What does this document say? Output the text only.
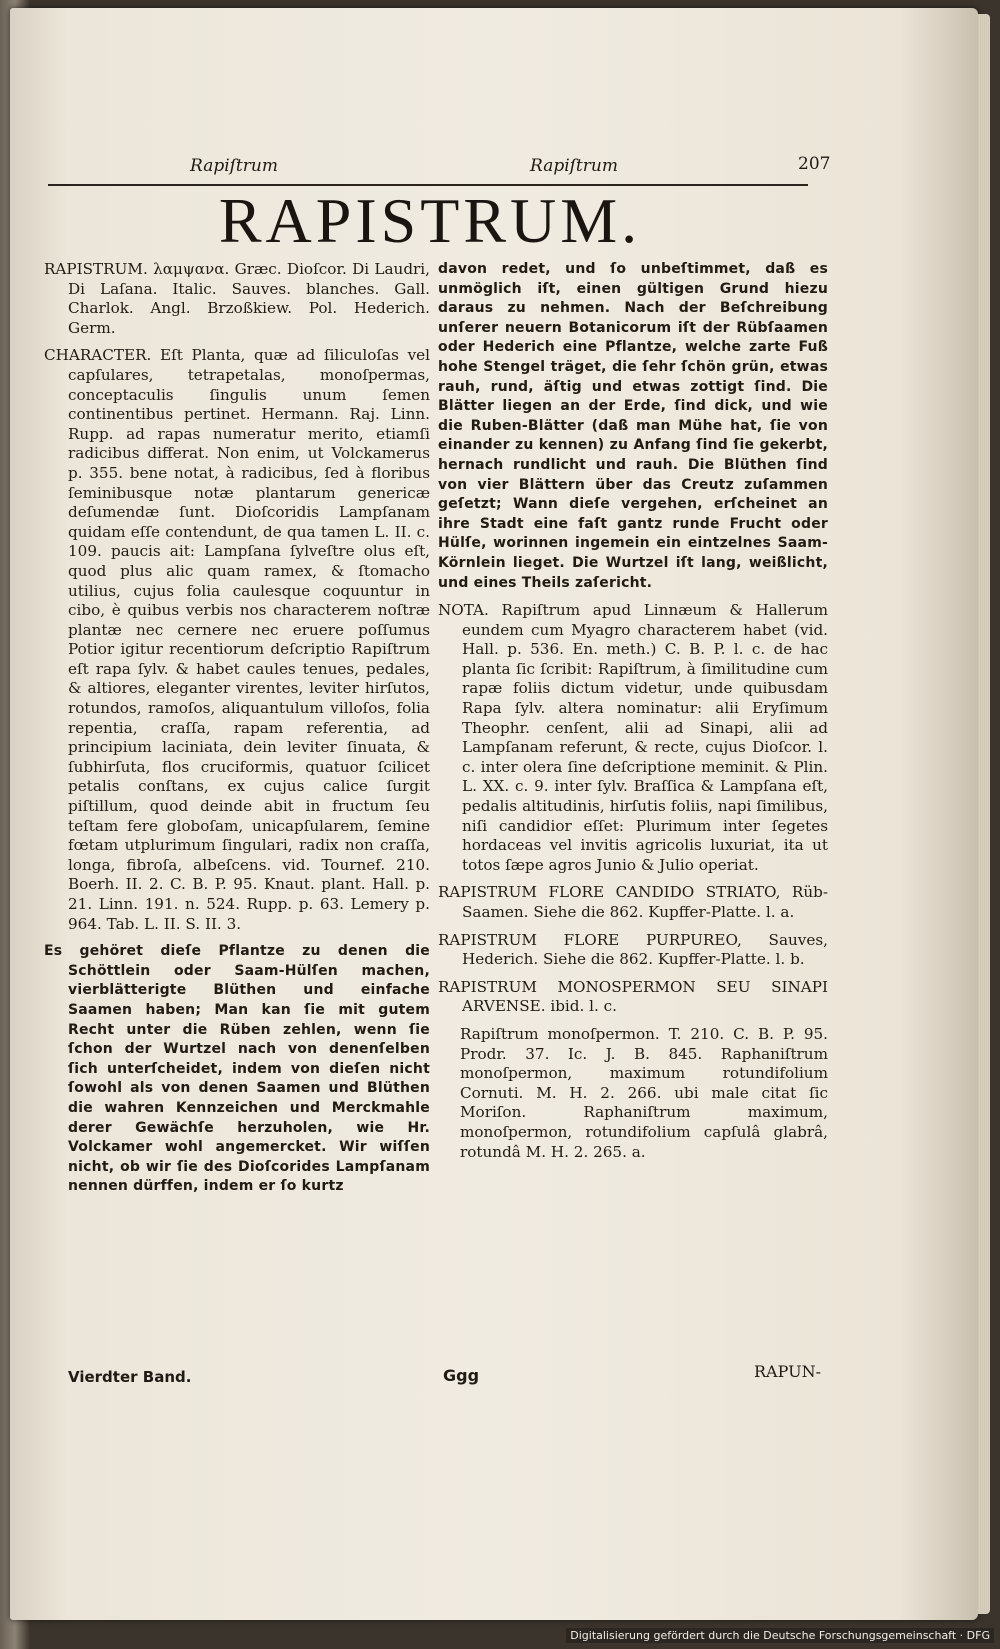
Rapiſtrum	Rapiſtrum	207
RAPISTRUM.

RAPISTRUM. λαμψανα. Græc. Dioſcor. Di Laudri, Di Laſana. Italic. Sauves. blanches. Gall. Charlok. Angl. Brzoßkiew. Pol. Hederich. Germ.

CHARACTER. Eſt Planta, quæ ad ſiliculoſas vel capſulares, tetrapetalas, monoſpermas, conceptaculis ſingulis unum ſemen continentibus pertinet. Hermann. Raj. Linn. Rupp. ad rapas numeratur merito, etiamſi radicibus differat. Non enim, ut Volckamerus p. 355. bene notat, à radicibus, ſed à floribus ſeminibusque notæ plantarum genericæ deſumendæ ſunt. Dioſcoridis Lampſanam quidam eſſe contendunt, de qua tamen L. II. c. 109. paucis ait: Lampſana ſylveſtre olus eſt, quod plus alic quam ramex, & ſtomacho utilius, cujus folia caulesque coquuntur in cibo, è quibus verbis nos characterem noſtræ plantæ nec cernere nec eruere poſſumus Potior igitur recentiorum deſcriptio Rapiſtrum eſt rapa ſylv. & habet caules tenues, pedales, & altiores, eleganter virentes, leviter hirſutos, rotundos, ramoſos, aliquantulum villoſos, folia repentia, craſſa, rapam referentia, ad principium laciniata, dein leviter ſinuata, & ſubhirſuta, flos cruciformis, quatuor ſcilicet petalis conſtans, ex cujus calice ſurgit piſtillum, quod deinde abit in fructum ſeu teſtam fere globoſam, unicapſularem, ſemine fœtam utplurimum ſingulari, radix non craſſa, longa, fibroſa, albeſcens. vid. Tournef. 210. Boerh. II. 2. C. B. P. 95. Knaut. plant. Hall. p. 21. Linn. 191. n. 524. Rupp. p. 63. Lemery p. 964. Tab. L. II. S. II. 3.

Es gehöret dieſe Pflantze zu denen die Schöttlein oder Saam-Hülſen machen, vierblätterigte Blüthen und einfache Saamen haben; Man kan ſie mit gutem Recht unter die Rüben zehlen, wenn ſie ſchon der Wurtzel nach von denenſelben ſich unterſcheidet, indem von dieſen nicht ſowohl als von denen Saamen und Blüthen die wahren Kennzeichen und Merckmahle derer Gewächſe herzuholen, wie Hr. Volckamer wohl angemercket. Wir wiſſen nicht, ob wir ſie des Dioſcorides Lampſanam nennen dürffen, indem er ſo kurtz

davon redet, und ſo unbeſtimmet, daß es unmöglich iſt, einen gültigen Grund hiezu daraus zu nehmen. Nach der Beſchreibung unſerer neuern Botanicorum iſt der Rübſaamen oder Hederich eine Pflantze, welche zarte Fuß hohe Stengel träget, die ſehr ſchön grün, etwas rauh, rund, äſtig und etwas zottigt ſind. Die Blätter liegen an der Erde, ſind dick, und wie die Ruben-Blätter (daß man Mühe hat, ſie von einander zu kennen) zu Anfang ſind ſie gekerbt, hernach rundlicht und rauh. Die Blüthen ſind von vier Blättern über das Creutz zuſammen geſetzt; Wann dieſe vergehen, erſcheinet an ihre Stadt eine faſt gantz runde Frucht oder Hülſe, worinnen ingemein ein eintzelnes Saam-Körnlein lieget. Die Wurtzel iſt lang, weißlicht, und eines Theils zaſericht.

NOTA. Rapiſtrum apud Linnæum & Hallerum eundem cum Myagro characterem habet (vid. Hall. p. 536. En. meth.) C. B. P. l. c. de hac planta ſic ſcribit: Rapiſtrum, à ſimilitudine cum rapæ foliis dictum videtur, unde quibusdam Rapa ſylv. altera nominatur: alii Eryſimum Theophr. cenſent, alii ad Sinapi, alii ad Lampſanam referunt, & recte, cujus Dioſcor. l. c. inter olera ſine deſcriptione meminit. & Plin. L. XX. c. 9. inter ſylv. Braſſica & Lampſana eſt, pedalis altitudinis, hirſutis foliis, napi ſimilibus, niſi candidior eſſet: Plurimum inter ſegetes hordaceas vel invitis agricolis luxuriat, ita ut totos ſæpe agros Junio & Julio operiat.

RAPISTRUM FLORE CANDIDO STRIATO, Rüb-Saamen. Siehe die 862. Kupffer-Platte. l. a.

RAPISTRUM FLORE PURPUREO, Sauves, Hederich. Siehe die 862. Kupffer-Platte. l. b.

RAPISTRUM MONOSPERMON SEU SINAPI ARVENSE. ibid. l. c.

Rapiſtrum monoſpermon. T. 210. C. B. P. 95. Prodr. 37. Ic. J. B. 845. Raphaniſtrum monoſpermon, maximum rotundifolium Cornuti. M. H. 2. 266. ubi male citat ſic Moriſon. Raphaniſtrum maximum, monoſpermon, rotundifolium capſulâ glabrâ, rotundâ M. H. 2. 265. a.

Vierdter Band.	Ggg	RAPUN-
Digitalisierung gefördert durch die Deutsche Forschungsgemeinschaft · DFG
